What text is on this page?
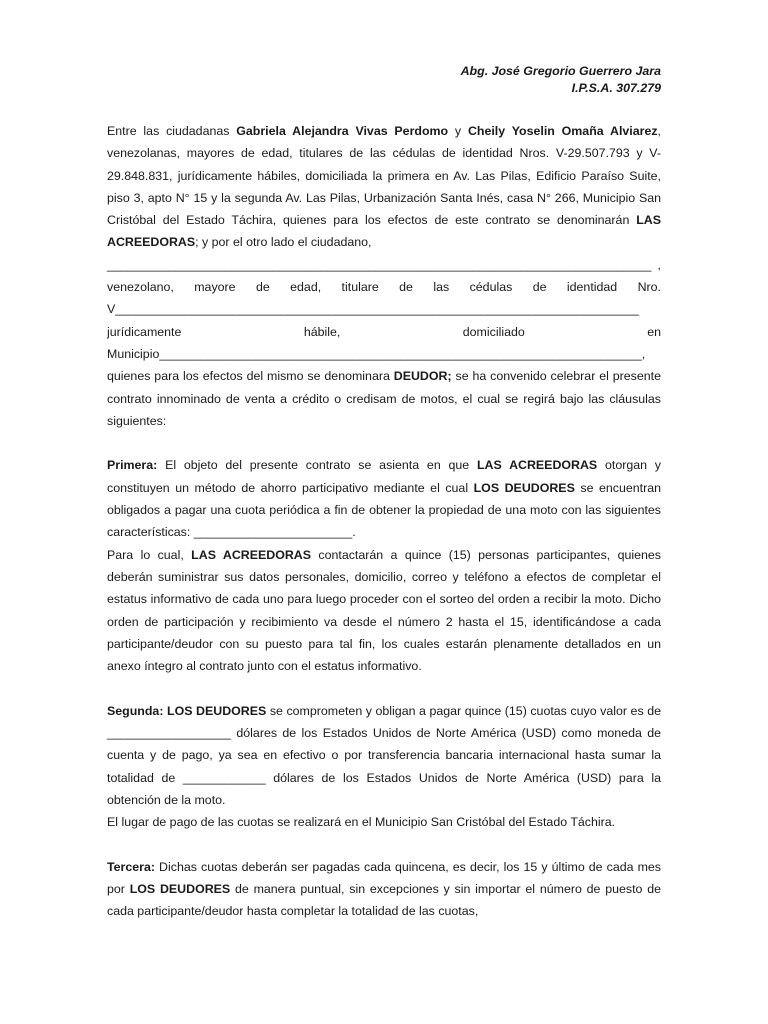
Abg. José Gregorio Guerrero Jara
I.P.S.A. 307.279

Entre las ciudadanas Gabriela Alejandra Vivas Perdomo y Cheily Yoselin Omaña Alviarez, venezolanas, mayores de edad, titulares de las cédulas de identidad Nros. V-29.507.793 y V-29.848.831, jurídicamente hábiles, domiciliada la primera en Av. Las Pilas, Edificio Paraíso Suite, piso 3, apto N° 15 y la segunda Av. Las Pilas, Urbanización Santa Inés, casa N° 266, Municipio San Cristóbal del Estado Táchira, quienes para los efectos de este contrato se denominarán LAS ACREEDORAS; y por el otro lado el ciudadano,

_______________________________________________________________________________ ,

venezolano, mayore de edad, titulare de las cédulas de identidad Nro.

V____________________________________________________________________________

jurídicamente hábile, domiciliado en

Municipio______________________________________________________________________,

quienes para los efectos del mismo se denominara DEUDOR; se ha convenido celebrar el presente contrato innominado de venta a crédito o credisam de motos, el cual se regirá bajo las cláusulas siguientes:

Primera: El objeto del presente contrato se asienta en que LAS ACREEDORAS otorgan y constituyen un método de ahorro participativo mediante el cual LOS DEUDORES se encuentran obligados a pagar una cuota periódica a fin de obtener la propiedad de una moto con las siguientes características: _______________________.

Para lo cual, LAS ACREEDORAS contactarán a quince (15) personas participantes, quienes deberán suministrar sus datos personales, domicilio, correo y teléfono a efectos de completar el estatus informativo de cada uno para luego proceder con el sorteo del orden a recibir la moto. Dicho orden de participación y recibimiento va desde el número 2 hasta el 15, identificándose a cada participante/deudor con su puesto para tal fin, los cuales estarán plenamente detallados en un anexo íntegro al contrato junto con el estatus informativo.

Segunda: LOS DEUDORES se comprometen y obligan a pagar quince (15) cuotas cuyo valor es de __________________ dólares de los Estados Unidos de Norte América (USD) como moneda de cuenta y de pago, ya sea en efectivo o por transferencia bancaria internacional hasta sumar la totalidad de ____________ dólares de los Estados Unidos de Norte América (USD) para la obtención de la moto.

El lugar de pago de las cuotas se realizará en el Municipio San Cristóbal del Estado Táchira.

Tercera: Dichas cuotas deberán ser pagadas cada quincena, es decir, los 15 y último de cada mes por LOS DEUDORES de manera puntual, sin excepciones y sin importar el número de puesto de cada participante/deudor hasta completar la totalidad de las cuotas,
